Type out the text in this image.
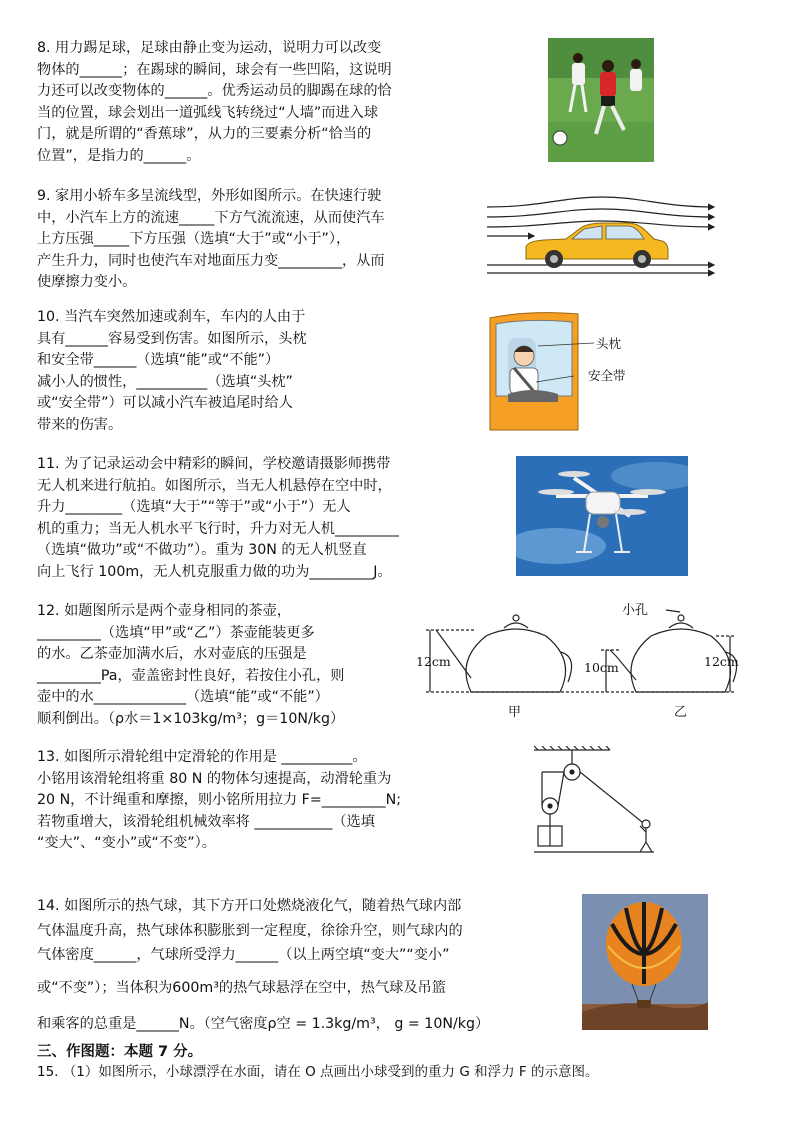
8. 用力踢足球，足球由静止变为运动，说明力可以改变
物体的______；在踢球的瞬间，球会有一些凹陷，这说明
力还可以改变物体的______。优秀运动员的脚踢在球的恰
当的位置，球会划出一道弧线飞转绕过“人墙”而进入球
门，就是所谓的“香蕉球”，从力的三要素分析“恰当的
位置”，是指力的______。
9. 家用小轿车多呈流线型，外形如图所示。在快速行驶
中，小汽车上方的流速_____下方气流流速，从而使汽车
上方压强_____下方压强（选填“大于”或“小于”），
产生升力，同时也使汽车对地面压力变_________，从而
使摩擦力变小。
10. 当汽车突然加速或刹车，车内的人由于
具有______容易受到伤害。如图所示，头枕
和安全带______（选填“能”或“不能”）
减小人的惯性，__________（选填“头枕”
或“安全带”）可以减小汽车被追尾时给人
带来的伤害。
头枕
安全带
11. 为了记录运动会中精彩的瞬间，学校邀请摄影师携带
无人机来进行航拍。如图所示，当无人机悬停在空中时，
升力________（选填“大于”“等于”或“小于”）无人
机的重力；当无人机水平飞行时，升力对无人机_________
（选填“做功”或“不做功”）。重为 30N 的无人机竖直
向上飞行 100m，无人机克服重力做的功为_________J。
12. 如题图所示是两个壶身相同的茶壶，
_________（选填“甲”或“乙”）茶壶能装更多
的水。乙茶壶加满水后，水对壶底的压强是
_________Pa，壶盖密封性良好，若按住小孔，则
壶中的水_____________（选填“能”或“不能”）
顺利倒出。（ρ水＝1×103kg/m³；g＝10N/kg）
小孔
12cm	10cm	12cm
甲	乙
13. 如图所示滑轮组中定滑轮的作用是 __________。
小铭用该滑轮组将重 80 N 的物体匀速提高，动滑轮重为
20 N，不计绳重和摩擦，则小铭所用拉力 F=_________N;
若物重增大，该滑轮组机械效率将 ___________（选填
“变大”、“变小”或“不变”）。
14. 如图所示的热气球，其下方开口处燃烧液化气，随着热气球内部
气体温度升高，热气球体积膨胀到一定程度，徐徐升空，则气球内的
气体密度______，气球所受浮力______（以上两空填“变大”“变小”
或“不变”）；当体积为600m³的热气球悬浮在空中，热气球及吊篮
和乘客的总重是______N。（空气密度ρ空 = 1.3kg/m³， g = 10N/kg）
三、作图题：本题 7 分。
15. （1）如图所示，小球漂浮在水面，请在 O 点画出小球受到的重力 G 和浮力 F 的示意图。
